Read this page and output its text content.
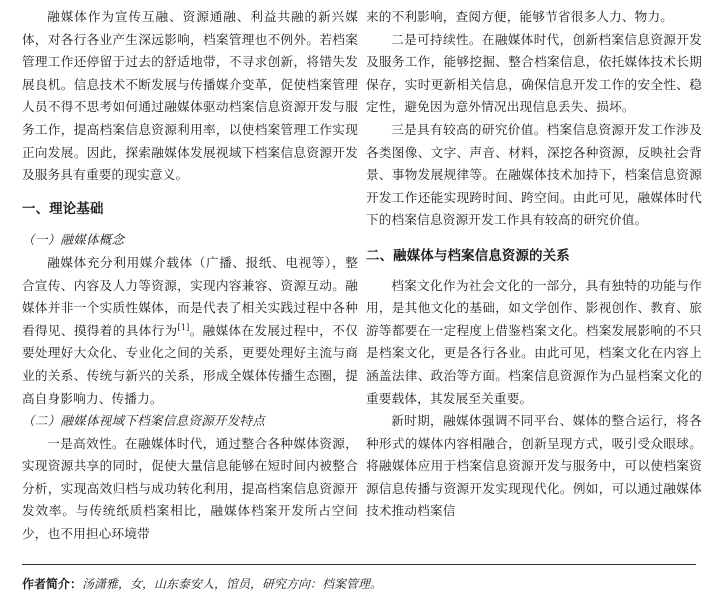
融媒体作为宣传互融、资源通融、利益共融的新兴媒体，对各行各业产生深远影响，档案管理也不例外。若档案管理工作还停留于过去的舒适地带，不寻求创新，将错失发展良机。信息技术不断发展与传播媒介变革，促使档案管理人员不得不思考如何通过融媒体驱动档案信息资源开发与服务工作，提高档案信息资源利用率，以使档案管理工作实现正向发展。因此，探索融媒体发展视域下档案信息资源开发及服务具有重要的现实意义。

一、理论基础
（一）融媒体概念

融媒体充分利用媒介载体（广播、报纸、电视等），整合宣传、内容及人力等资源，实现内容兼容、资源互动。融媒体并非一个实质性媒体，而是代表了相关实践过程中各种看得见、摸得着的具体行为[1]。融媒体在发展过程中，不仅要处理好大众化、专业化之间的关系，更要处理好主流与商业的关系、传统与新兴的关系，形成全媒体传播生态圈，提高自身影响力、传播力。

（二）融媒体视域下档案信息资源开发特点

一是高效性。在融媒体时代，通过整合各种媒体资源，实现资源共享的同时，促使大量信息能够在短时间内被整合分析，实现高效归档与成功转化利用，提高档案信息资源开发效率。与传统纸质档案相比，融媒体档案开发所占空间少，也不用担心环境带

来的不利影响，查阅方便，能够节省很多人力、物力。

二是可持续性。在融媒体时代，创新档案信息资源开发及服务工作，能够挖掘、整合档案信息，依托媒体技术长期保存，实时更新相关信息，确保信息开发工作的安全性、稳定性，避免因为意外情况出现信息丢失、损坏。

三是具有较高的研究价值。档案信息资源开发工作涉及各类图像、文字、声音、材料，深挖各种资源，反映社会背景、事物发展规律等。在融媒体技术加持下，档案信息资源开发工作还能实现跨时间、跨空间。由此可见，融媒体时代下的档案信息资源开发工作具有较高的研究价值。

二、融媒体与档案信息资源的关系

档案文化作为社会文化的一部分，具有独特的功能与作用，是其他文化的基础，如文学创作、影视创作、教育、旅游等都要在一定程度上借鉴档案文化。档案发展影响的不只是档案文化，更是各行各业。由此可见，档案文化在内容上涵盖法律、政治等方面。档案信息资源作为凸显档案文化的重要载体，其发展至关重要。

新时期，融媒体强调不同平台、媒体的整合运行，将各种形式的媒体内容相融合，创新呈现方式，吸引受众眼球。将融媒体应用于档案信息资源开发与服务中，可以使档案资源信息传播与资源开发实现现代化。例如，可以通过融媒体技术推动档案信

作者简介：汤潇雅，女，山东泰安人，馆员，研究方向：档案管理。
